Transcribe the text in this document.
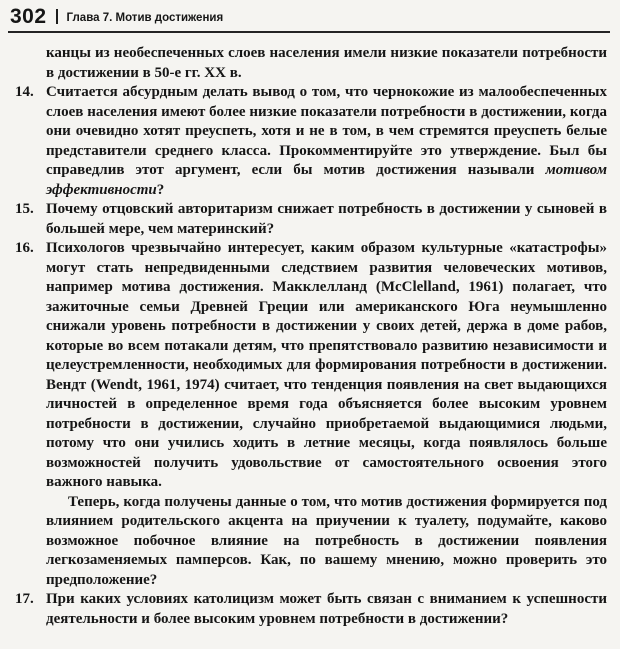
302 Глава 7. Мотив достижения

канцы из необеспеченных слоев населения имели низкие показатели потребности в достижении в 50-е гг. XX в.

14. Считается абсурдным делать вывод о том, что чернокожие из малообеспеченных слоев населения имеют более низкие показатели потребности в достижении, когда они очевидно хотят преуспеть, хотя и не в том, в чем стремятся преуспеть белые представители среднего класса. Прокомментируйте это утверждение. Был бы справедлив этот аргумент, если бы мотив достижения называли мотивом эффективности?

15. Почему отцовский авторитаризм снижает потребность в достижении у сыновей в большей мере, чем материнский?

16. Психологов чрезвычайно интересует, каким образом культурные «катастрофы» могут стать непредвиденными следствием развития человеческих мотивов, например мотива достижения. Макклелланд (McClelland, 1961) полагает, что зажиточные семьи Древней Греции или американского Юга неумышленно снижали уровень потребности в достижении у своих детей, держа в доме рабов, которые во всем потакали детям, что препятствовало развитию независимости и целеустремленности, необходимых для формирования потребности в достижении. Вендт (Wendt, 1961, 1974) считает, что тенденция появления на свет выдающихся личностей в определенное время года объясняется более высоким уровнем потребности в достижении, случайно приобретаемой выдающимися людьми, потому что они учились ходить в летние месяцы, когда появлялось больше возможностей получить удовольствие от самостоятельного освоения этого важного навыка.

Теперь, когда получены данные о том, что мотив достижения формируется под влиянием родительского акцента на приучении к туалету, подумайте, каково возможное побочное влияние на потребность в достижении появления легкозаменяемых памперсов. Как, по вашему мнению, можно проверить это предположение?

17. При каких условиях католицизм может быть связан с вниманием к успешности деятельности и более высоким уровнем потребности в достижении?
